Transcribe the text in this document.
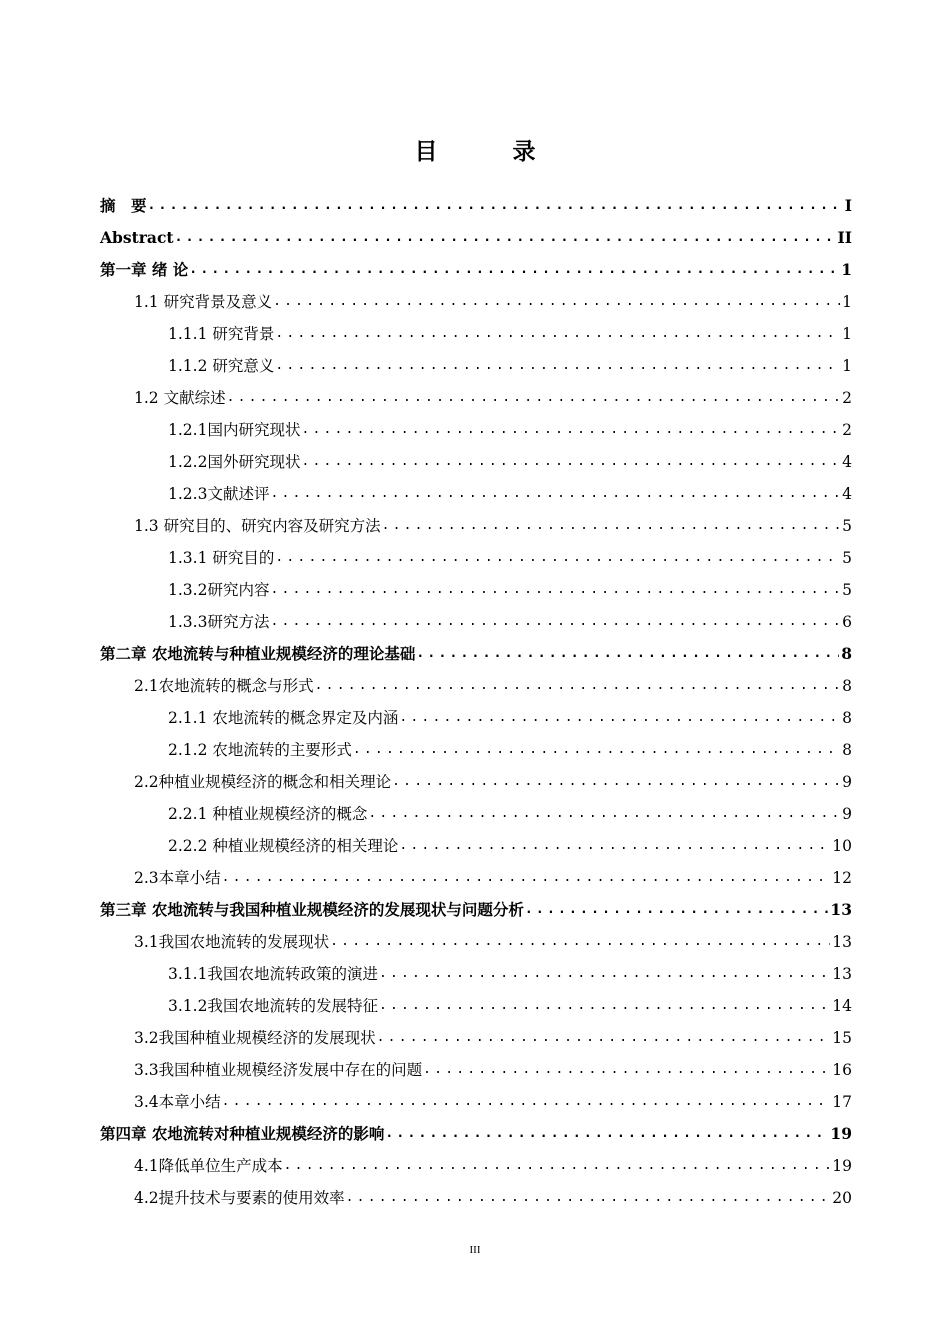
目　录
摘　要 .....	I
Abstract .....	II
第一章 绪 论 .....	1
1.1 研究背景及意义 .....	1
1.1.1 研究背景 .....	1
1.1.2 研究意义 .....	1
1.2 文献综述 .....	2
1.2.1国内研究现状 .....	2
1.2.2国外研究现状 .....	4
1.2.3文献述评 .....	4
1.3 研究目的、研究内容及研究方法 .....	5
1.3.1 研究目的 .....	5
1.3.2研究内容 .....	5
1.3.3研究方法 .....	6
第二章 农地流转与种植业规模经济的理论基础 .....	8
2.1农地流转的概念与形式 .....	8
2.1.1 农地流转的概念界定及内涵 .....	8
2.1.2 农地流转的主要形式 .....	8
2.2种植业规模经济的概念和相关理论 .....	9
2.2.1 种植业规模经济的概念 .....	9
2.2.2 种植业规模经济的相关理论 .....	10
2.3本章小结 .....	12
第三章 农地流转与我国种植业规模经济的发展现状与问题分析 .....	13
3.1我国农地流转的发展现状 .....	13
3.1.1我国农地流转政策的演进 .....	13
3.1.2我国农地流转的发展特征 .....	14
3.2我国种植业规模经济的发展现状 .....	15
3.3我国种植业规模经济发展中存在的问题 .....	16
3.4本章小结 .....	17
第四章 农地流转对种植业规模经济的影响 .....	19
4.1降低单位生产成本 .....	19
4.2提升技术与要素的使用效率 .....	20
III
